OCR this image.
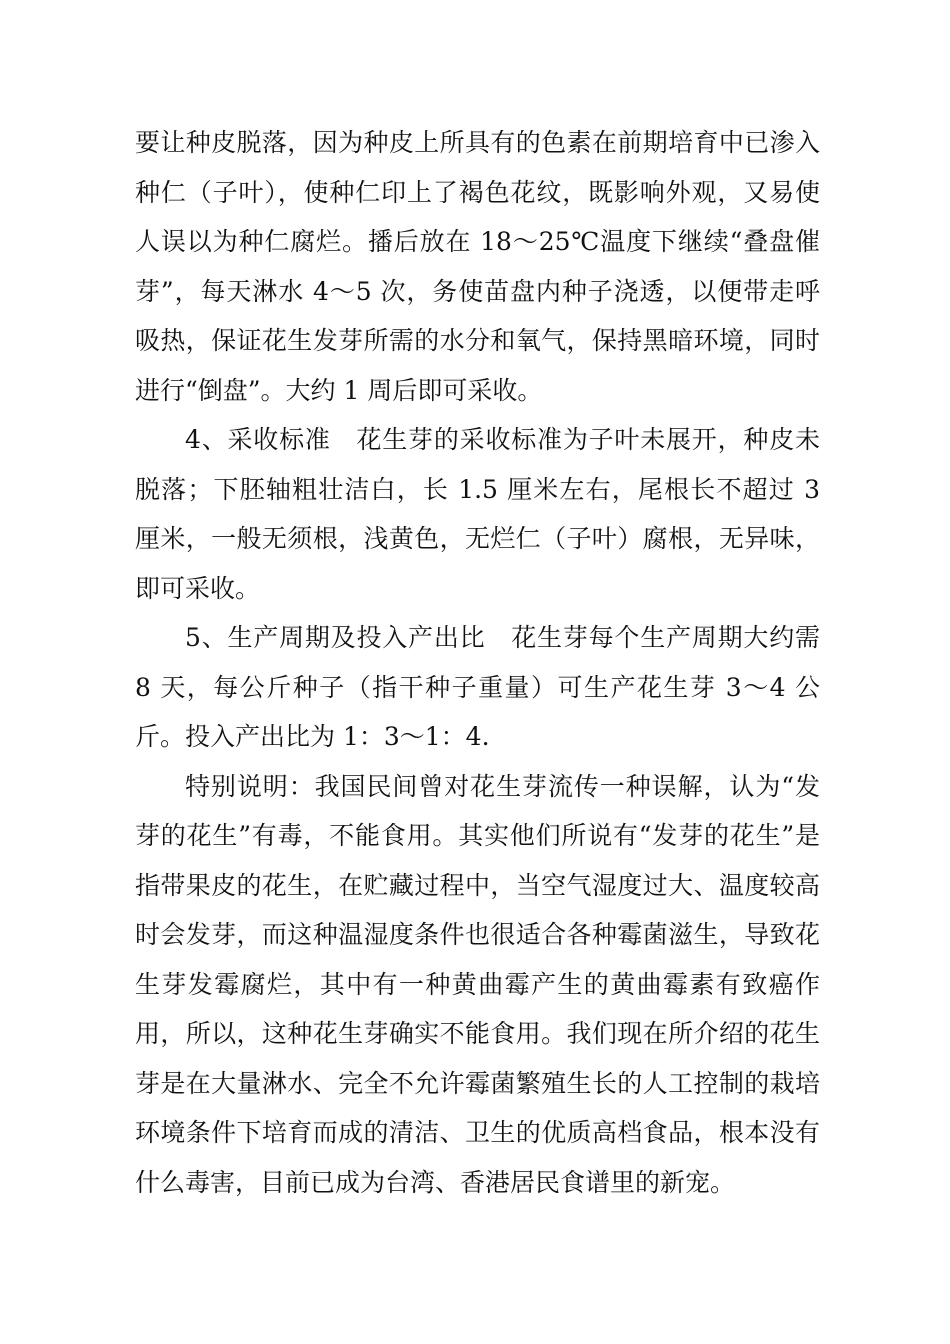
要让种皮脱落，因为种皮上所具有的色素在前期培育中已渗入种仁（子叶），使种仁印上了褐色花纹，既影响外观，又易使人误以为种仁腐烂。播后放在 18～25℃温度下继续“叠盘催芽”，每天淋水 4～5 次，务使苗盘内种子浇透，以便带走呼吸热，保证花生发芽所需的水分和氧气，保持黑暗环境，同时进行“倒盘”。大约 1 周后即可采收。

4、采收标准　花生芽的采收标准为子叶未展开，种皮未脱落；下胚轴粗壮洁白，长 1.5 厘米左右，尾根长不超过 3 厘米，一般无须根，浅黄色，无烂仁（子叶）腐根，无异味，即可采收。

5、生产周期及投入产出比　花生芽每个生产周期大约需 8 天，每公斤种子（指干种子重量）可生产花生芽 3～4 公斤。投入产出比为 1：3～1：4.

特别说明：我国民间曾对花生芽流传一种误解，认为“发芽的花生”有毒，不能食用。其实他们所说有“发芽的花生”是指带果皮的花生，在贮藏过程中，当空气湿度过大、温度较高时会发芽，而这种温湿度条件也很适合各种霉菌滋生，导致花生芽发霉腐烂，其中有一种黄曲霉产生的黄曲霉素有致癌作用，所以，这种花生芽确实不能食用。我们现在所介绍的花生芽是在大量淋水、完全不允许霉菌繁殖生长的人工控制的栽培环境条件下培育而成的清洁、卫生的优质高档食品，根本没有什么毒害，目前已成为台湾、香港居民食谱里的新宠。
